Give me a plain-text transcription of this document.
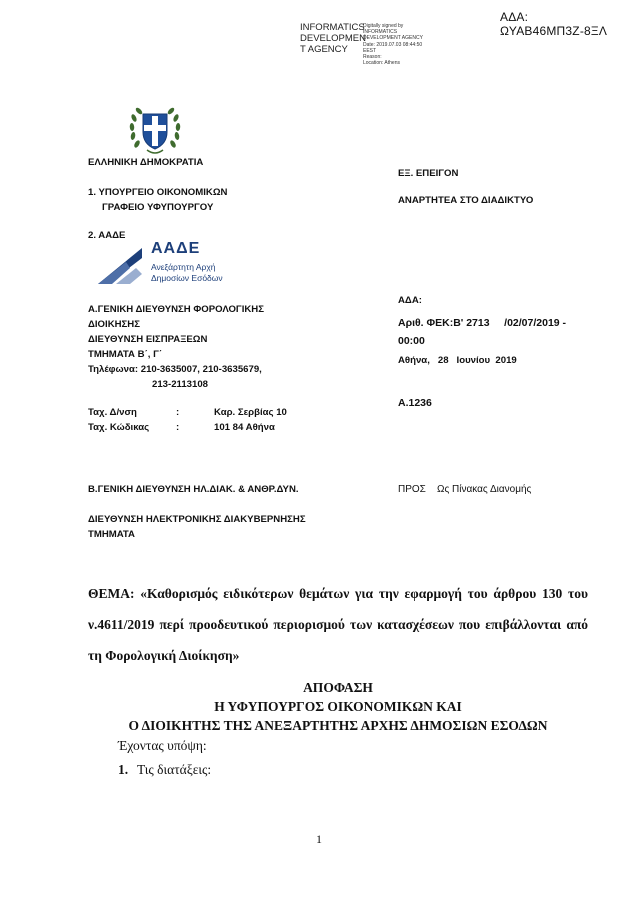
ΑΔΑ: ΩΥΑΒ46ΜΠ3Ζ-8ΞΛ
INFORMATICS
DEVELOPMEN
T AGENCY
Digitally signed by
INFORMATICS
DEVELOPMENT AGENCY
Date: 2019.07.03 08:44:50
EEST
Reason:
Location: Athens
ΕΛΛΗΝΙΚΗ ΔΗΜΟΚΡΑΤΙΑ
1. ΥΠΟΥΡΓΕΙΟ ΟΙΚΟΝΟΜΙΚΩΝ
ΓΡΑΦΕΙΟ ΥΦΥΠΟΥΡΓΟΥ
2. ΑΑΔΕ
ΑΑΔΕ
Ανεξάρτητη Αρχή
Δημοσίων Εσόδων
Α.ΓΕΝΙΚΗ ΔΙΕΥΘΥΝΣΗ ΦΟΡΟΛΟΓΙΚΗΣ
ΔΙΟΙΚΗΣΗΣ
ΔΙΕΥΘΥΝΣΗ ΕΙΣΠΡΑΞΕΩΝ
ΤΜΗΜΑΤΑ Β΄, Γ΄
Τηλέφωνα: 210-3635007, 210-3635679,
213-2113108
Ταχ. Δ/νση	:	Καρ. Σερβίας 10
Ταχ. Κώδικας	:	101 84 Αθήνα
Β.ΓΕΝΙΚΗ ΔΙΕΥΘΥΝΣΗ ΗΛ.ΔΙΑΚ. & ΑΝΘΡ.ΔΥΝ.
ΔΙΕΥΘΥΝΣΗ ΗΛΕΚΤΡΟΝΙΚΗΣ ΔΙΑΚΥΒΕΡΝΗΣΗΣ
ΤΜΗΜΑΤΑ
ΕΞ. ΕΠΕΙΓΟΝ
ΑΝΑΡΤΗΤΕΑ ΣΤΟ ΔΙΑΔΙΚΤΥΟ
ΑΔΑ:
Αριθ. ΦΕΚ:Β' 2713     /02/07/2019 -
00:00
Αθήνα,   28   Ιουνίου  2019
Α.1236
ΠΡΟΣ    Ως Πίνακας Διανομής
ΘΕΜΑ: «Καθορισμός ειδικότερων θεμάτων για την εφαρμογή του άρθρου 130 του ν.4611/2019 περί προοδευτικού περιορισμού των κατασχέσεων που επιβάλλονται από τη Φορολογική Διοίκηση»
ΑΠΟΦΑΣΗ
Η ΥΦΥΠΟΥΡΓΟΣ ΟΙΚΟΝΟΜΙΚΩΝ ΚΑΙ
Ο ΔΙΟΙΚΗΤΗΣ ΤΗΣ ΑΝΕΞΑΡΤΗΤΗΣ ΑΡΧΗΣ ΔΗΜΟΣΙΩΝ ΕΣΟΔΩΝ
Έχοντας υπόψη:
1. Τις διατάξεις:
1
